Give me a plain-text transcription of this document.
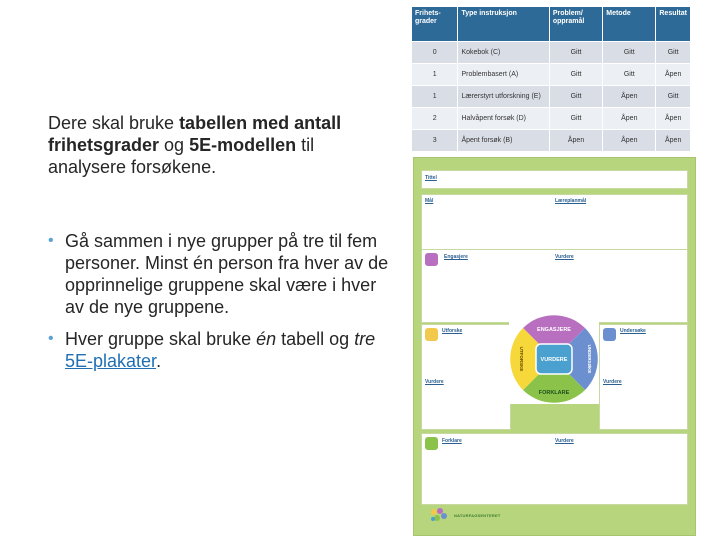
Dere skal bruke tabellen med antall frihetsgrader og 5E-modellen til analysere forsøkene.
• Gå sammen i nye grupper på tre til fem personer. Minst én person fra hver av de opprinnelige gruppene skal være i hver av de nye gruppene.
• Hver gruppe skal bruke én tabell og tre 5E-plakater.
Frihets-grader	Type instruksjon	Problem/ oppramål	Metode	Resultat
0	Kokebok (C)	Gitt	Gitt	Gitt
1	Problembasert (A)	Gitt	Gitt	Åpen
1	Lærerstyrt utforskning (E)	Gitt	Åpen	Gitt
2	Halvåpent forsøk (D)	Gitt	Åpen	Åpen
3	Åpent forsøk (B)	Åpen	Åpen	Åpen
Tittel
Mål	Læreplanmål
Engasjere	Vurdere
Utforske
Vurdere
Undersøke
Vurdere
ENGASJERE
VURDERE
FORKLARE
UTFORSKE	UNDERSØKE
Forklare	Vurdere
NATURFAGSENTERET
